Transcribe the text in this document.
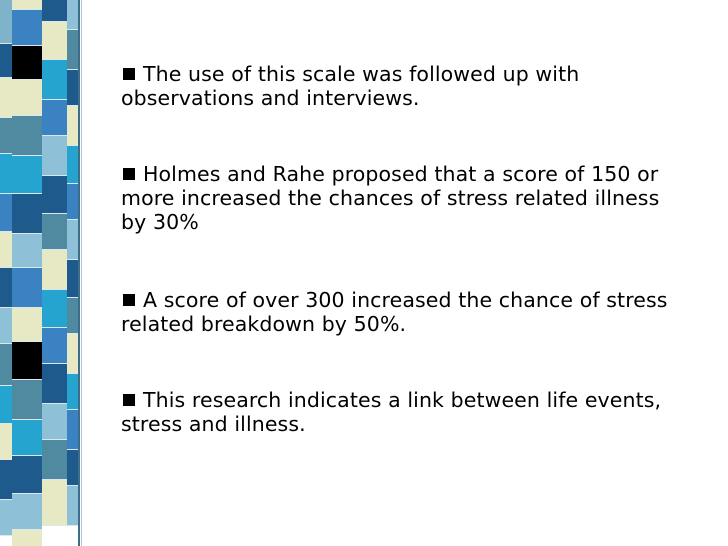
The use of this scale was followed up with observations and interviews.

Holmes and Rahe proposed that a score of 150 or more increased the chances of stress related illness by 30%

A score of over 300 increased the chance of stress related breakdown by 50%.

This research indicates a link between life events, stress and illness.
